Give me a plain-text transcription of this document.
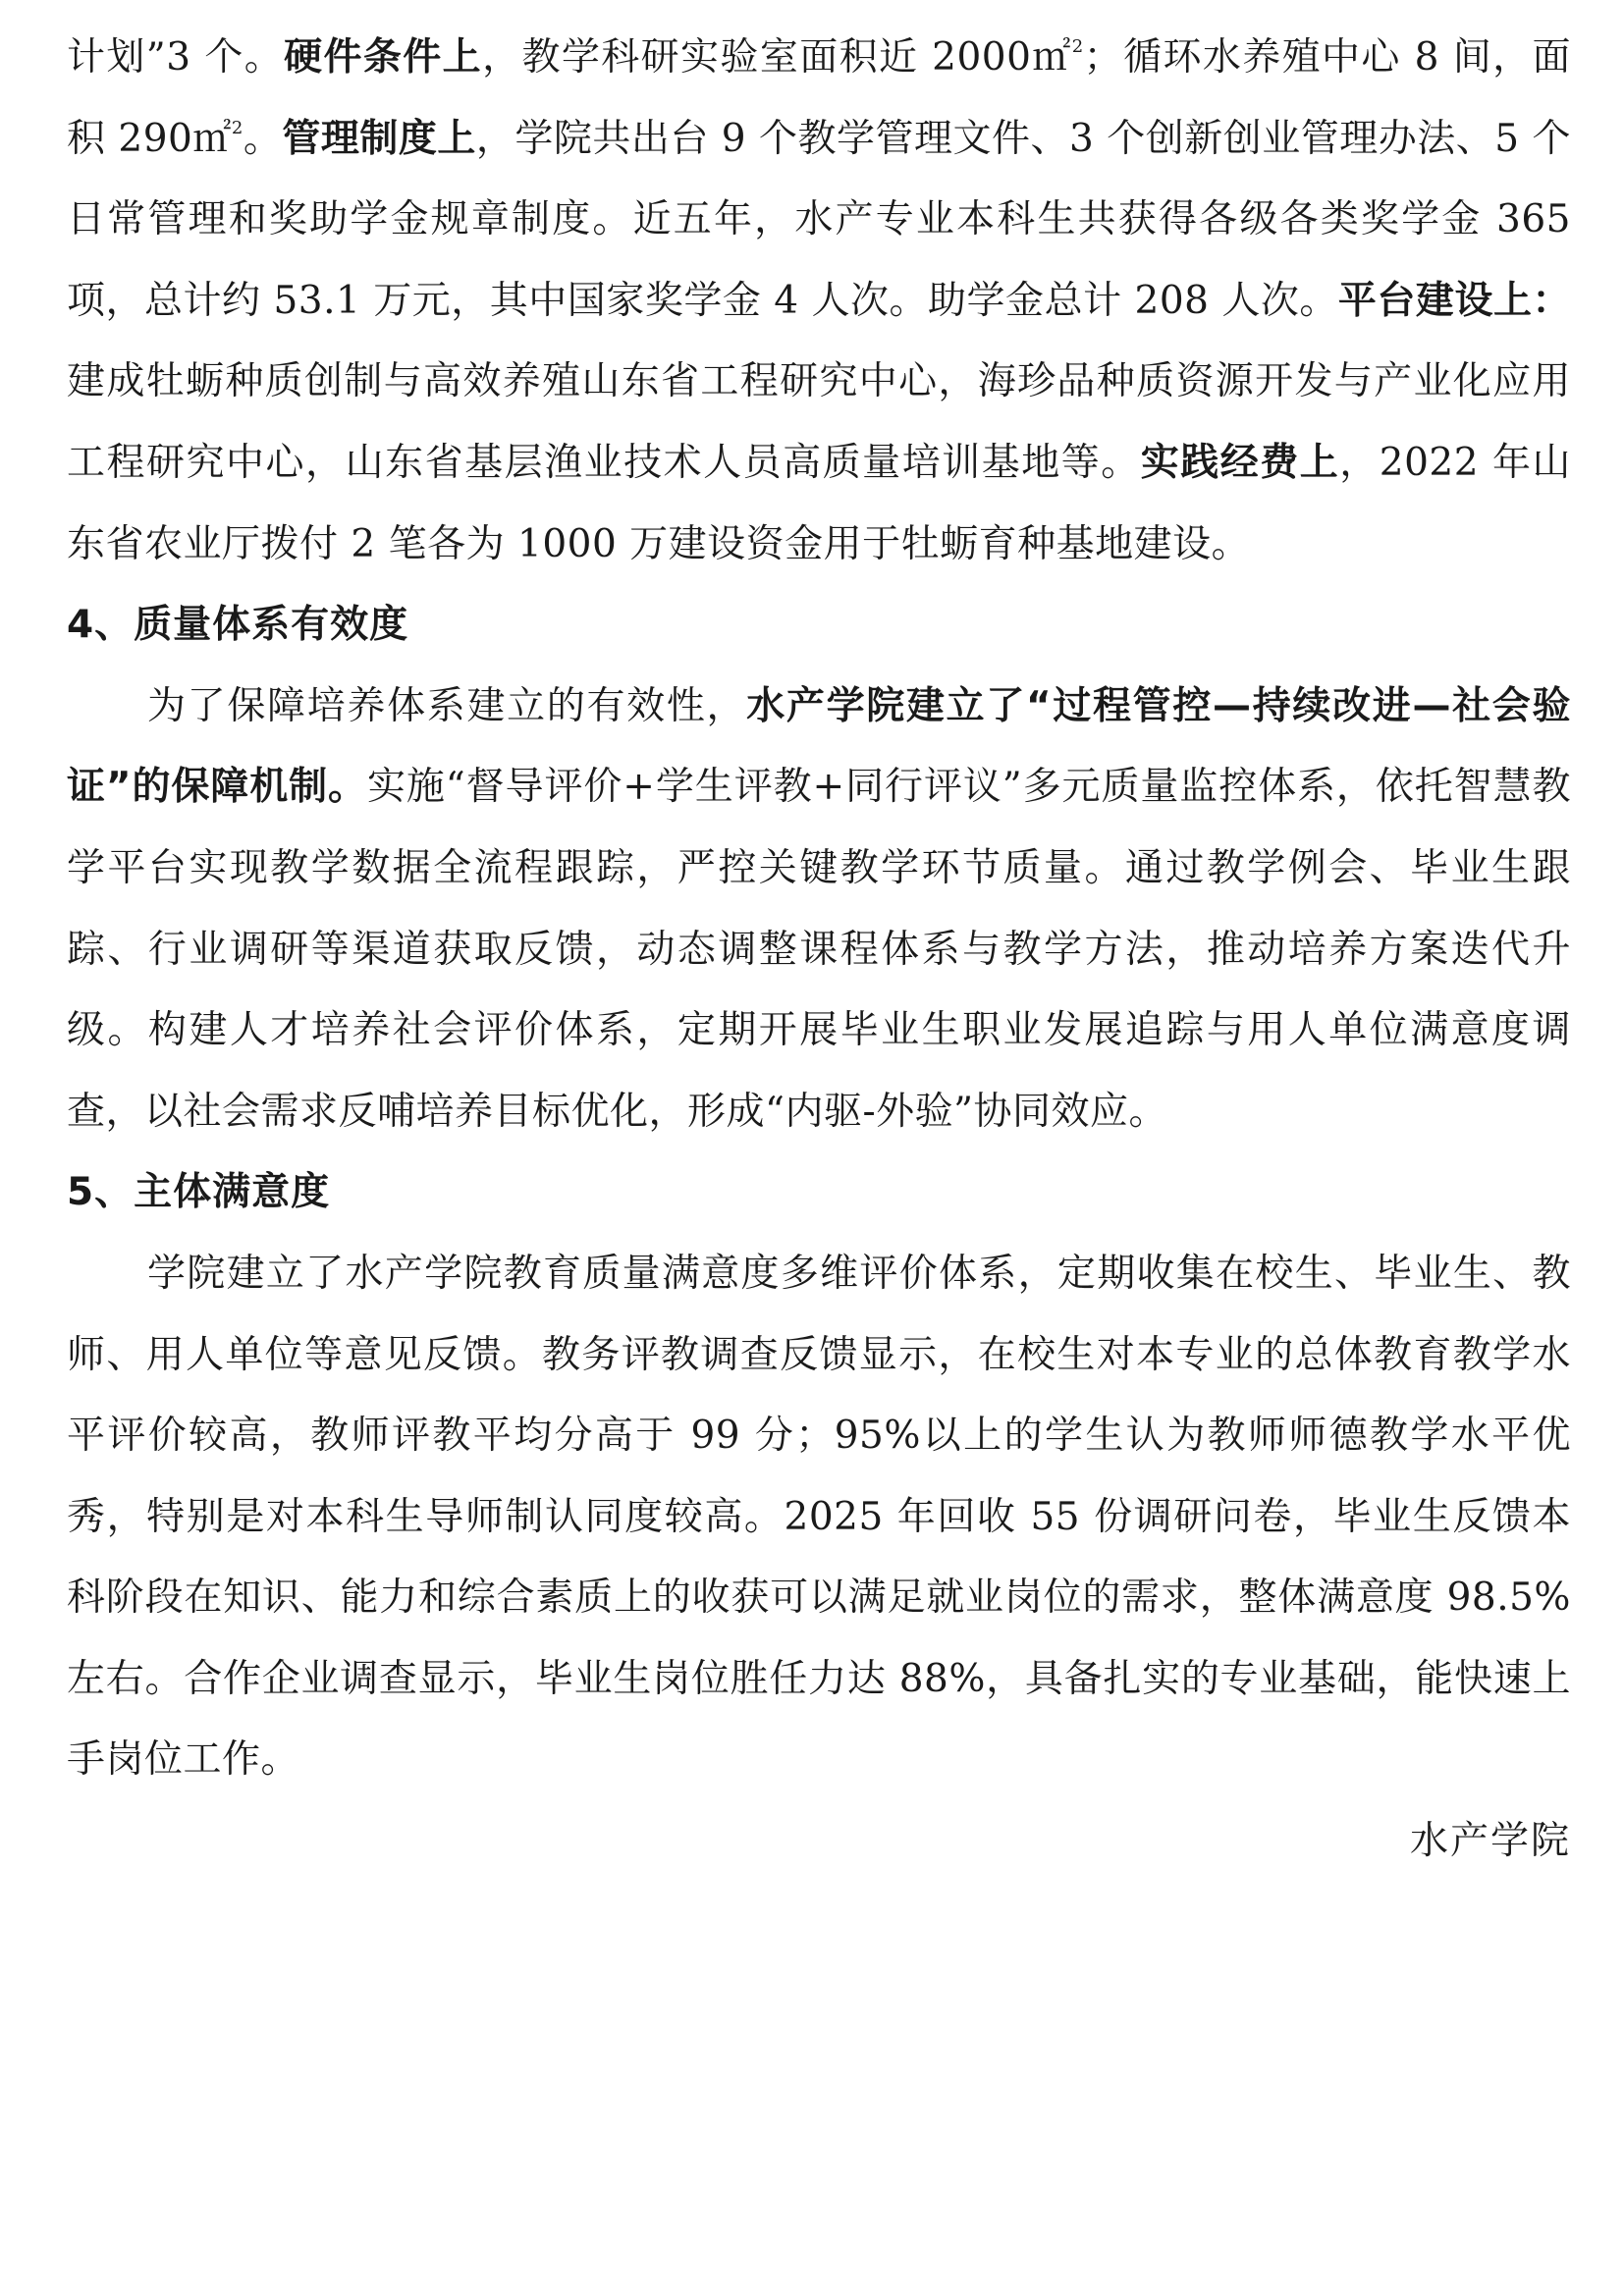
计划”3 个。硬件条件上，教学科研实验室面积近 2000㎡$^2$；循环水养殖中心 8 间，面积 290㎡$^2$。管理制度上，学院共出台 9 个教学管理文件、3 个创新创业管理办法、5 个日常管理和奖助学金规章制度。近五年，水产专业本科生共获得各级各类奖学金 365 项，总计约 53.1 万元，其中国家奖学金 4 人次。助学金总计 208 人次。平台建设上：建成牡蛎种质创制与高效养殖山东省工程研究中心，海珍品种质资源开发与产业化应用工程研究中心，山东省基层渔业技术人员高质量培训基地等。实践经费上，2022 年山东省农业厅拨付 2 笔各为 1000 万建设资金用于牡蛎育种基地建设。

4、质量体系有效度

为了保障培养体系建立的有效性，水产学院建立了“过程管控—持续改进—社会验证”的保障机制。实施“督导评价+学生评教+同行评议”多元质量监控体系，依托智慧教学平台实现教学数据全流程跟踪，严控关键教学环节质量。通过教学例会、毕业生跟踪、行业调研等渠道获取反馈，动态调整课程体系与教学方法，推动培养方案迭代升级。构建人才培养社会评价体系，定期开展毕业生职业发展追踪与用人单位满意度调查，以社会需求反哺培养目标优化，形成“内驱-外验”协同效应。

5、主体满意度

学院建立了水产学院教育质量满意度多维评价体系，定期收集在校生、毕业生、教师、用人单位等意见反馈。教务评教调查反馈显示，在校生对本专业的总体教育教学水平评价较高，教师评教平均分高于 99 分；95%以上的学生认为教师师德教学水平优秀，特别是对本科生导师制认同度较高。2025 年回收 55 份调研问卷，毕业生反馈本科阶段在知识、能力和综合素质上的收获可以满足就业岗位的需求，整体满意度 98.5%左右。合作企业调查显示，毕业生岗位胜任力达 88%，具备扎实的专业基础，能快速上手岗位工作。

水产学院
